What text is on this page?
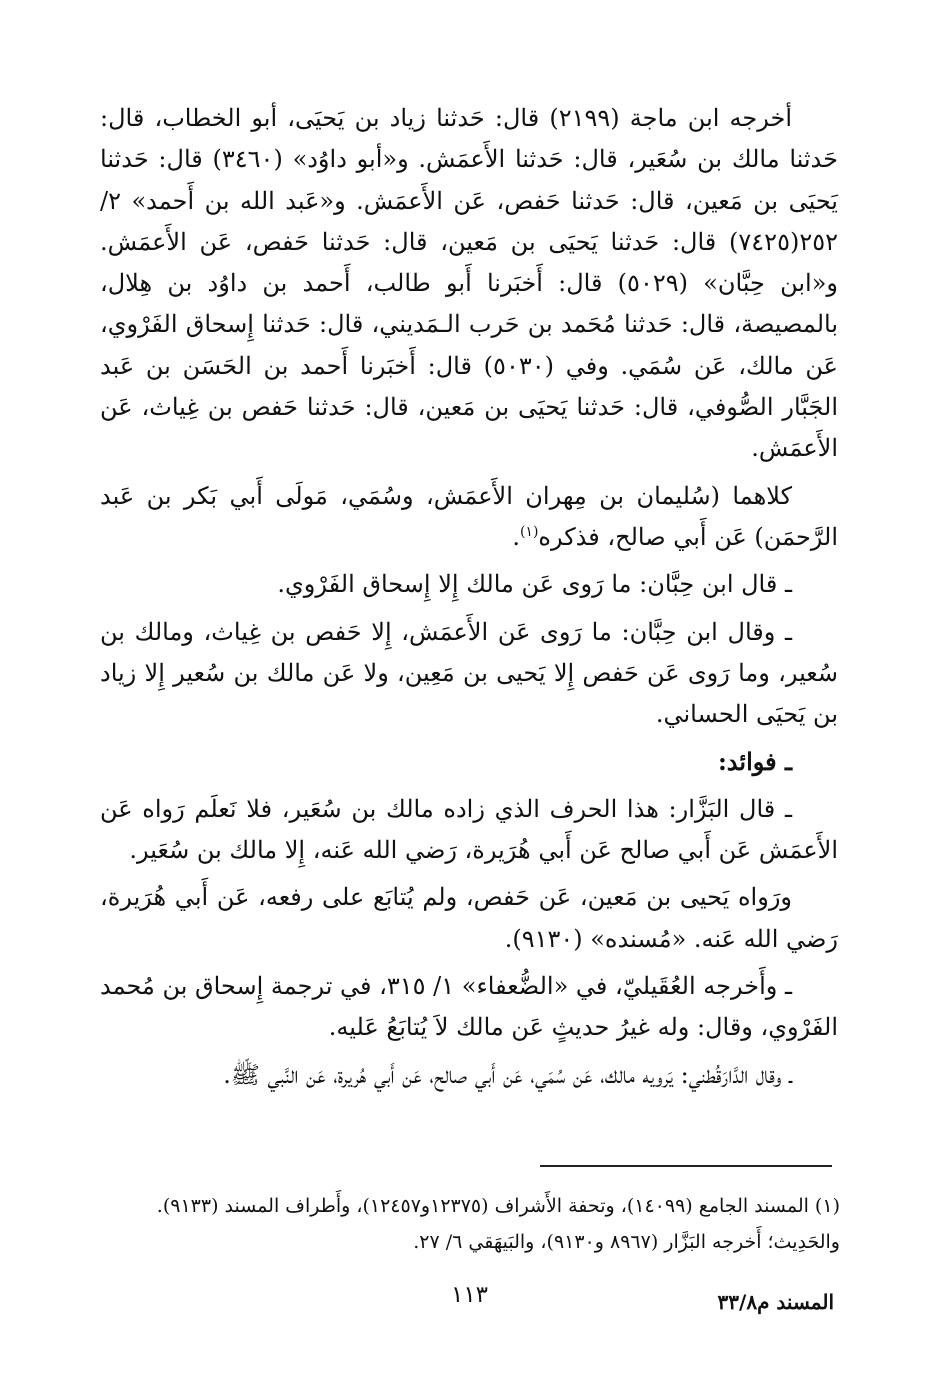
أخرجه ابن ماجة (٢١٩٩) قال: حَدثنا زياد بن يَحيَى، أبو الخطاب، قال: حَدثنا مالك بن سُعَير، قال: حَدثنا الأَعمَش. و«أبو داوُد» (٣٤٦٠) قال: حَدثنا يَحيَى بن مَعين، قال: حَدثنا حَفص، عَن الأَعمَش. و«عَبد الله بن أَحمد» ٢/ ٢٥٢(٧٤٢٥) قال: حَدثنا يَحيَى بن مَعين، قال: حَدثنا حَفص، عَن الأَعمَش. و«ابن حِبَّان» (٥٠٢٩) قال: أَخبَرنا أَبو طالب، أَحمد بن داوُد بن هِلال، بالمصيصة، قال: حَدثنا مُحَمد بن حَرب الـمَديني، قال: حَدثنا إِسحاق الفَرْوي، عَن مالك، عَن سُمَي. وفي (٥٠٣٠) قال: أَخبَرنا أَحمد بن الحَسَن بن عَبد الجَبَّار الصُّوفي، قال: حَدثنا يَحيَى بن مَعين، قال: حَدثنا حَفص بن غِياث، عَن الأَعمَش.

كلاهما (سُليمان بن مِهران الأَعمَش، وسُمَي، مَولَى أَبي بَكر بن عَبد الرَّحمَن) عَن أَبي صالح، فذكره$^{(١)}$.

ـ قال ابن حِبَّان: ما رَوى عَن مالك إِلا إِسحاق الفَرْوي.

ـ وقال ابن حِبَّان: ما رَوى عَن الأَعمَش، إِلا حَفص بن غِياث، ومالك بن سُعير، وما رَوى عَن حَفص إِلا يَحيى بن مَعِين، ولا عَن مالك بن سُعير إِلا زياد بن يَحيَى الحساني.

ـ فوائد:

ـ قال البَزَّار: هذا الحرف الذي زاده مالك بن سُعَير، فلا نَعلَم رَواه عَن الأَعمَش عَن أَبي صالح عَن أَبي هُرَيرة، رَضي الله عَنه، إِلا مالك بن سُعَير.

ورَواه يَحيى بن مَعين، عَن حَفص، ولم يُتابَع على رفعه، عَن أَبي هُرَيرة، رَضي الله عَنه. «مُسنده» (٩١٣٠).

ـ وأَخرجه العُقَيليّ، في «الضُّعفاء» ١/ ٣١٥، في ترجمة إِسحاق بن مُحمد الفَرْوي، وقال: وله غيرُ حديثٍ عَن مالك لاَ يُتابَعُ عَليه.

ـ وقال الدَّارَقُطني: يَرويه مالك، عَن سُمَي، عَن أَبي صالح، عَن أَبي هُريرة، عَن النَّبي ﷺ.

(١) المسند الجامع (١٤٠٩٩)، وتحفة الأَشراف (١٢٣٧٥و١٢٤٥٧)، وأَطراف المسند (٩١٣٣).

والحَدِيث؛ أَخرجه البَزَّار (٨٩٦٧ و٩١٣٠)، والبَيهَقي ٦/ ٢٧.

١١٣	المسند م٣٣/٨
